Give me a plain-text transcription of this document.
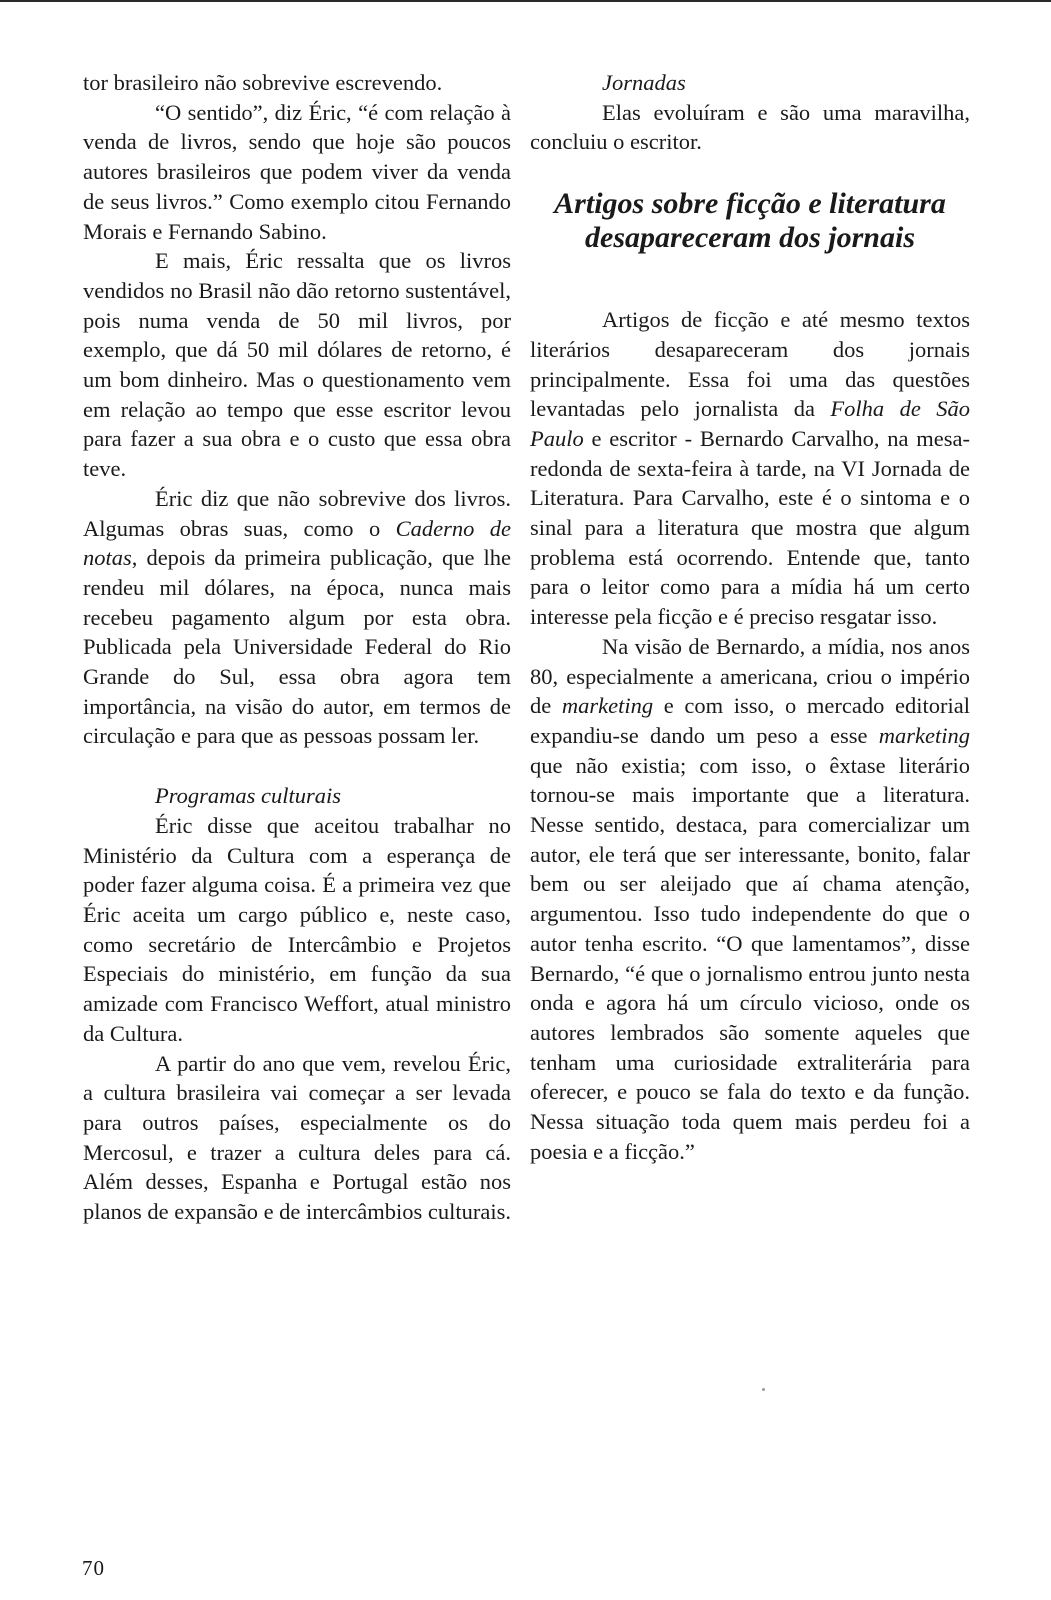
tor brasileiro não sobrevive escrevendo.

“O sentido”, diz Éric, “é com relação à venda de livros, sendo que hoje são poucos autores brasileiros que podem viver da venda de seus livros.” Como exemplo citou Fernando Morais e Fernando Sabino.

E mais, Éric ressalta que os livros vendidos no Brasil não dão retorno sustentável, pois numa venda de 50 mil livros, por exemplo, que dá 50 mil dólares de retorno, é um bom dinheiro. Mas o questionamento vem em relação ao tempo que esse escritor levou para fazer a sua obra e o custo que essa obra teve.

Éric diz que não sobrevive dos livros. Algumas obras suas, como o Caderno de notas, depois da primeira publicação, que lhe rendeu mil dólares, na época, nunca mais recebeu pagamento algum por esta obra. Publicada pela Universidade Federal do Rio Grande do Sul, essa obra agora tem importância, na visão do autor, em termos de circulação e para que as pessoas possam ler.

Programas culturais

Éric disse que aceitou trabalhar no Ministério da Cultura com a esperança de poder fazer alguma coisa. É a primeira vez que Éric aceita um cargo público e, neste caso, como secretário de Intercâmbio e Projetos Especiais do ministério, em função da sua amizade com Francisco Weffort, atual ministro da Cultura.

A partir do ano que vem, revelou Éric, a cultura brasileira vai começar a ser levada para outros países, especialmente os do Mercosul, e trazer a cultura deles para cá. Além desses, Espanha e Portugal estão nos planos de expansão e de intercâmbios culturais.

Jornadas

Elas evoluíram e são uma maravilha, concluiu o escritor.

Artigos sobre ficção e literatura desapareceram dos jornais

Artigos de ficção e até mesmo textos literários desapareceram dos jornais principalmente. Essa foi uma das questões levantadas pelo jornalista da Folha de São Paulo e escritor - Bernardo Carvalho, na mesa-redonda de sexta-feira à tarde, na VI Jornada de Literatura. Para Carvalho, este é o sintoma e o sinal para a literatura que mostra que algum problema está ocorrendo. Entende que, tanto para o leitor como para a mídia há um certo interesse pela ficção e é preciso resgatar isso.

Na visão de Bernardo, a mídia, nos anos 80, especialmente a americana, criou o império de marketing e com isso, o mercado editorial expandiu-se dando um peso a esse marketing que não existia; com isso, o êxtase literário tornou-se mais importante que a literatura. Nesse sentido, destaca, para comercializar um autor, ele terá que ser interessante, bonito, falar bem ou ser aleijado que aí chama atenção, argumentou. Isso tudo independente do que o autor tenha escrito. “O que lamentamos”, disse Bernardo, “é que o jornalismo entrou junto nesta onda e agora há um círculo vicioso, onde os autores lembrados são somente aqueles que tenham uma curiosidade extraliterária para oferecer, e pouco se fala do texto e da função. Nessa situação toda quem mais perdeu foi a poesia e a ficção.”

70
